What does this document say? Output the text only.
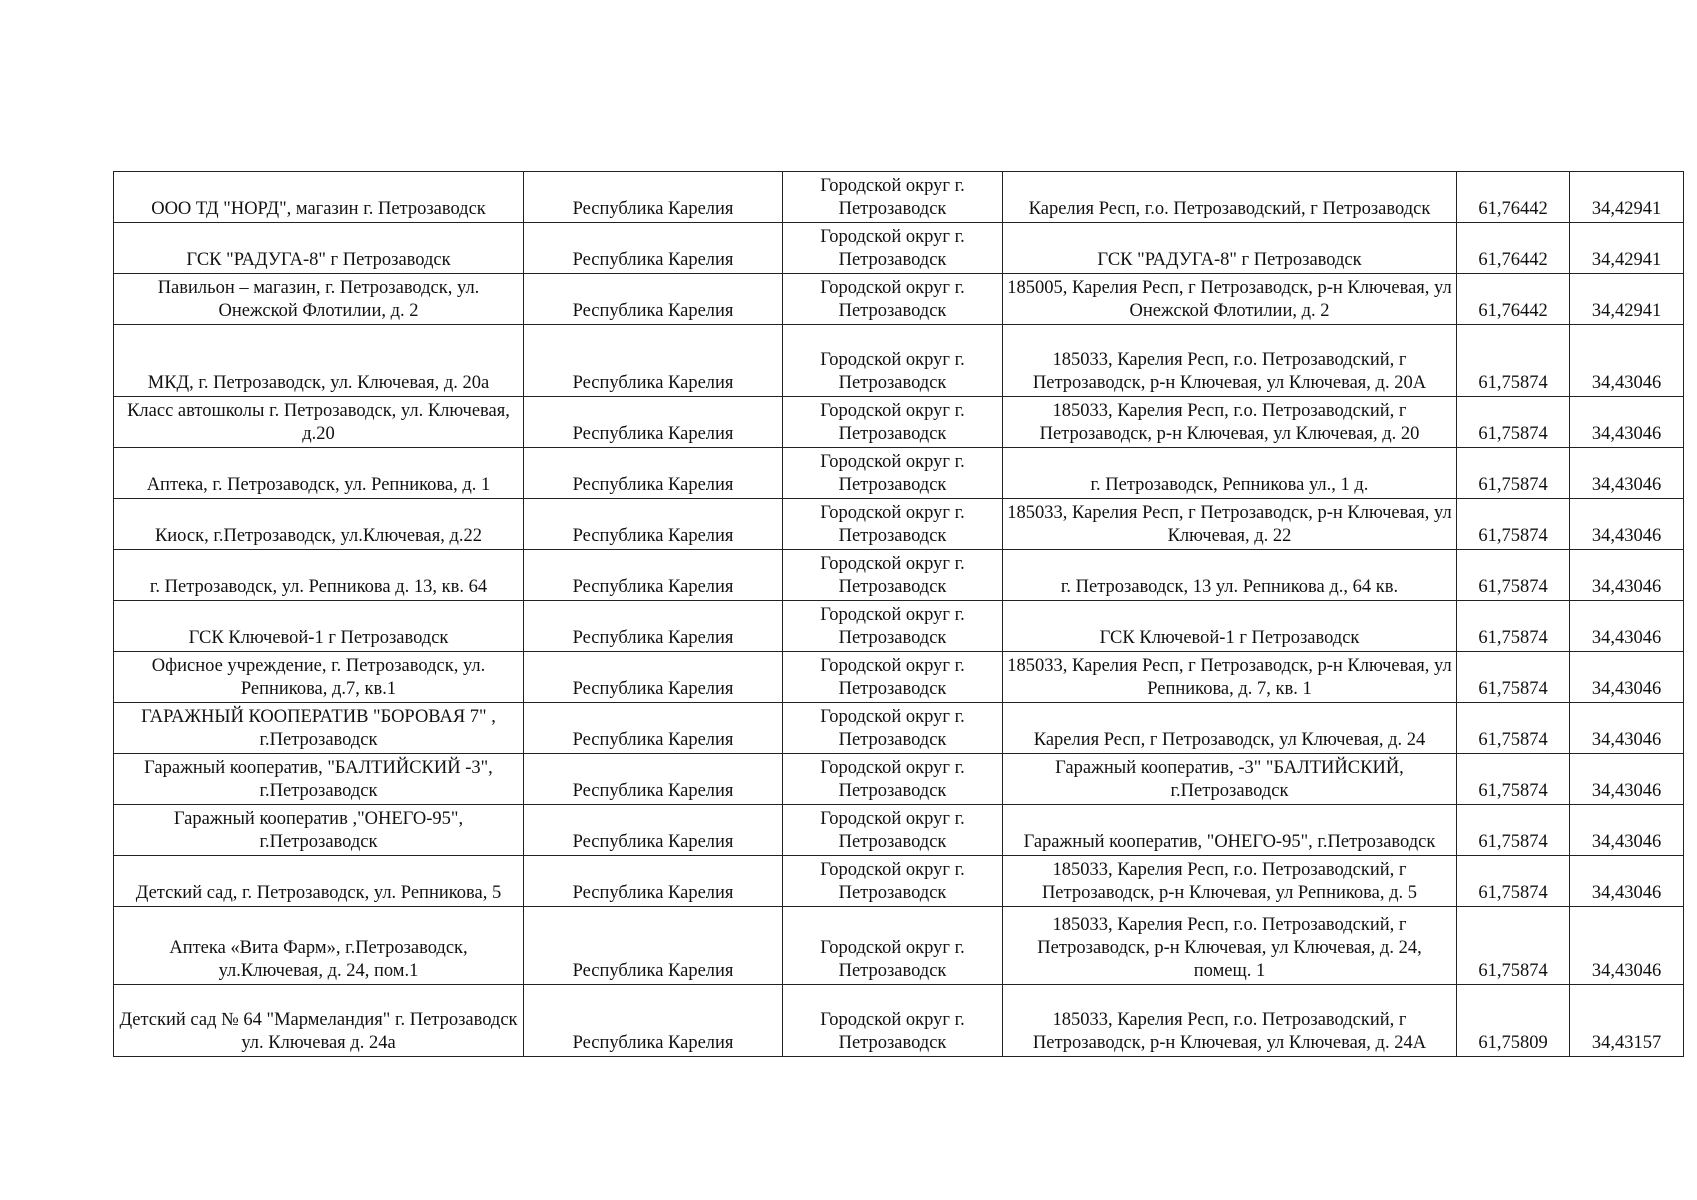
ООО ТД "НОРД", магазин г. Петрозаводск	Республика Карелия	Городской округ г. Петрозаводск	Карелия Респ, г.о. Петрозаводский, г Петрозаводск	61,76442	34,42941
ГСК "РАДУГА-8" г Петрозаводск	Республика Карелия	Городской округ г. Петрозаводск	ГСК "РАДУГА-8" г Петрозаводск	61,76442	34,42941
Павильон – магазин, г. Петрозаводск, ул. Онежской Флотилии, д. 2	Республика Карелия	Городской округ г. Петрозаводск	185005, Карелия Респ, г Петрозаводск, р-н Ключевая, ул Онежской Флотилии, д. 2	61,76442	34,42941
МКД, г. Петрозаводск, ул. Ключевая, д. 20а	Республика Карелия	Городской округ г. Петрозаводск	185033, Карелия Респ, г.о. Петрозаводский, г Петрозаводск, р-н Ключевая, ул Ключевая, д. 20А	61,75874	34,43046
Класс автошколы г. Петрозаводск, ул. Ключевая, д.20	Республика Карелия	Городской округ г. Петрозаводск	185033, Карелия Респ, г.о. Петрозаводский, г Петрозаводск, р-н Ключевая, ул Ключевая, д. 20	61,75874	34,43046
Аптека, г. Петрозаводск, ул. Репникова, д. 1	Республика Карелия	Городской округ г. Петрозаводск	г. Петрозаводск, Репникова ул., 1 д.	61,75874	34,43046
Киоск, г.Петрозаводск, ул.Ключевая, д.22	Республика Карелия	Городской округ г. Петрозаводск	185033, Карелия Респ, г Петрозаводск, р-н Ключевая, ул Ключевая, д. 22	61,75874	34,43046
г. Петрозаводск, ул. Репникова д. 13, кв. 64	Республика Карелия	Городской округ г. Петрозаводск	г. Петрозаводск, 13 ул. Репникова д., 64 кв.	61,75874	34,43046
ГСК Ключевой-1 г Петрозаводск	Республика Карелия	Городской округ г. Петрозаводск	ГСК Ключевой-1 г Петрозаводск	61,75874	34,43046
Офисное учреждение, г. Петрозаводск, ул. Репникова, д.7, кв.1	Республика Карелия	Городской округ г. Петрозаводск	185033, Карелия Респ, г Петрозаводск, р-н Ключевая, ул Репникова, д. 7, кв. 1	61,75874	34,43046
ГАРАЖНЫЙ КООПЕРАТИВ "БОРОВАЯ 7" , г.Петрозаводск	Республика Карелия	Городской округ г. Петрозаводск	Карелия Респ, г Петрозаводск, ул Ключевая, д. 24	61,75874	34,43046
Гаражный кооператив, "БАЛТИЙСКИЙ -3", г.Петрозаводск	Республика Карелия	Городской округ г. Петрозаводск	Гаражный кооператив, -3" "БАЛТИЙСКИЙ, г.Петрозаводск	61,75874	34,43046
Гаражный кооператив ,"ОНЕГО-95", г.Петрозаводск	Республика Карелия	Городской округ г. Петрозаводск	Гаражный кооператив, "ОНЕГО-95", г.Петрозаводск	61,75874	34,43046
Детский сад, г. Петрозаводск, ул. Репникова, 5	Республика Карелия	Городской округ г. Петрозаводск	185033, Карелия Респ, г.о. Петрозаводский, г Петрозаводск, р-н Ключевая, ул Репникова, д. 5	61,75874	34,43046
Аптека «Вита Фарм», г.Петрозаводск, ул.Ключевая, д. 24, пом.1	Республика Карелия	Городской округ г. Петрозаводск	185033, Карелия Респ, г.о. Петрозаводский, г Петрозаводск, р-н Ключевая, ул Ключевая, д. 24, помещ. 1	61,75874	34,43046
Детский сад № 64 "Мармеландия" г. Петрозаводск ул. Ключевая д. 24а	Республика Карелия	Городской округ г. Петрозаводск	185033, Карелия Респ, г.о. Петрозаводский, г Петрозаводск, р-н Ключевая, ул Ключевая, д. 24А	61,75809	34,43157
